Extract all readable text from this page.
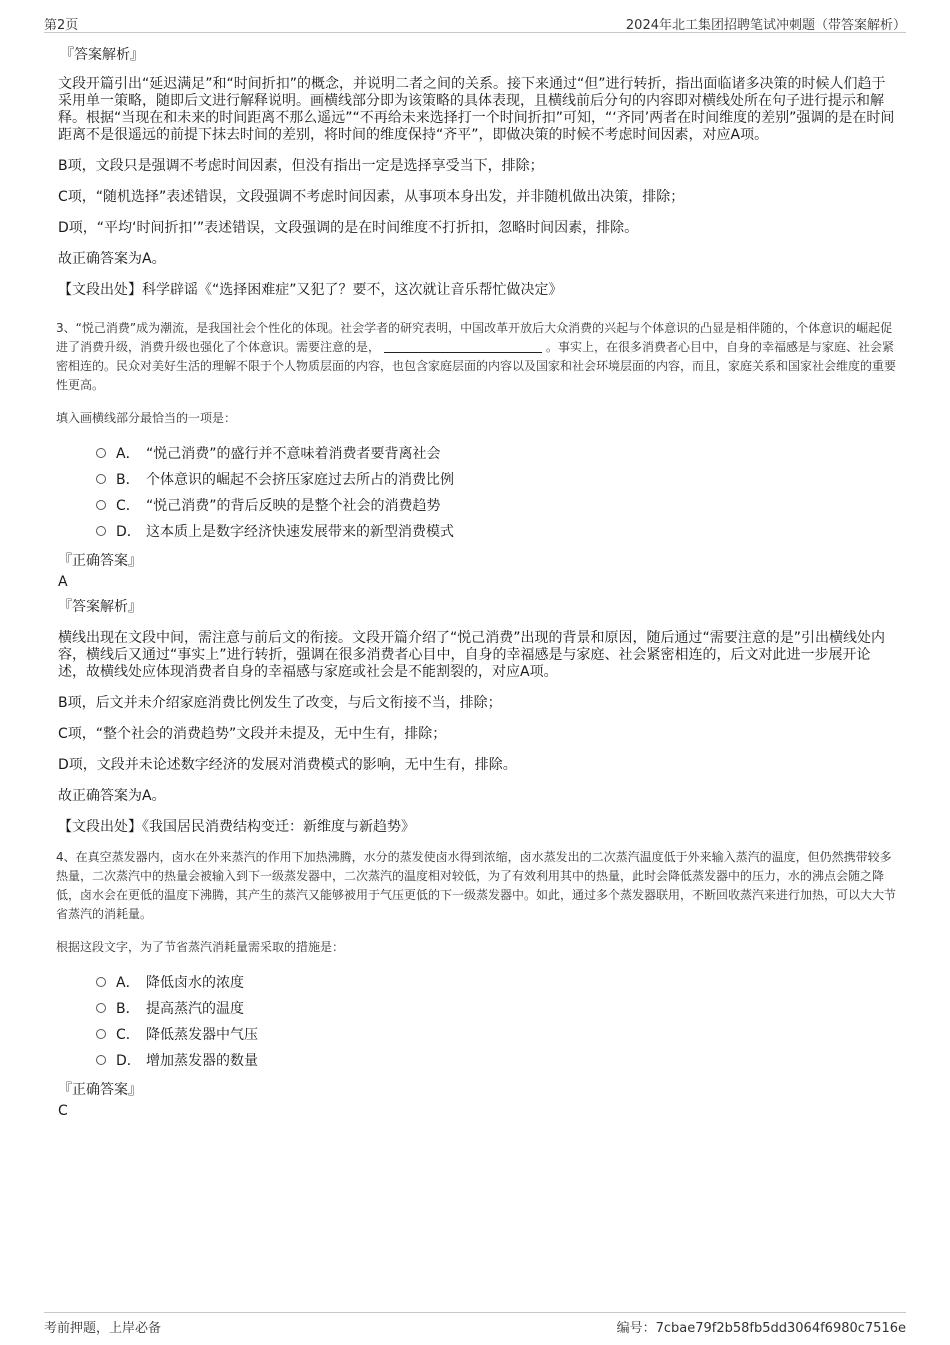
第2页	2024年北工集团招聘笔试冲刺题（带答案解析）
『答案解析』
文段开篇引出“延迟满足”和“时间折扣”的概念，并说明二者之间的关系。接下来通过“但”进行转折，指出面临诸多决策的时候人们趋于采用单一策略，随即后文进行解释说明。画横线部分即为该策略的具体表现，且横线前后分句的内容即对横线处所在句子进行提示和解释。根据“当现在和未来的时间距离不那么遥远”“不再给未来选择打一个时间折扣”可知，“‘齐同’两者在时间维度的差别”强调的是在时间距离不是很遥远的前提下抹去时间的差别，将时间的维度保持“齐平”，即做决策的时候不考虑时间因素，对应A项。
B项，文段只是强调不考虑时间因素，但没有指出一定是选择享受当下，排除；
C项，“随机选择”表述错误，文段强调不考虑时间因素，从事项本身出发，并非随机做出决策，排除；
D项，“平均‘时间折扣’”表述错误，文段强调的是在时间维度不打折扣，忽略时间因素，排除。
故正确答案为A。
【文段出处】科学辟谣《“选择困难症”又犯了？要不，这次就让音乐帮忙做决定》
3、“悦己消费”成为潮流，是我国社会个性化的体现。社会学者的研究表明，中国改革开放后大众消费的兴起与个体意识的凸显是相伴随的，个体意识的崛起促进了消费升级，消费升级也强化了个体意识。需要注意的是，	。事实上，在很多消费者心目中，自身的幸福感是与家庭、社会紧密相连的。民众对美好生活的理解不限于个人物质层面的内容，也包含家庭层面的内容以及国家和社会环境层面的内容，而且，家庭关系和国家社会维度的重要性更高。
填入画横线部分最恰当的一项是：
A． “悦己消费”的盛行并不意味着消费者要背离社会
B． 个体意识的崛起不会挤压家庭过去所占的消费比例
C． “悦己消费”的背后反映的是整个社会的消费趋势
D． 这本质上是数字经济快速发展带来的新型消费模式
『正确答案』
A
『答案解析』
横线出现在文段中间，需注意与前后文的衔接。文段开篇介绍了“悦己消费”出现的背景和原因，随后通过“需要注意的是”引出横线处内容，横线后又通过“事实上”进行转折，强调在很多消费者心目中，自身的幸福感是与家庭、社会紧密相连的，后文对此进一步展开论述，故横线处应体现消费者自身的幸福感与家庭或社会是不能割裂的，对应A项。
B项，后文并未介绍家庭消费比例发生了改变，与后文衔接不当，排除；
C项，“整个社会的消费趋势”文段并未提及，无中生有，排除；
D项，文段并未论述数字经济的发展对消费模式的影响，无中生有，排除。
故正确答案为A。
【文段出处】《我国居民消费结构变迁：新维度与新趋势》
4、在真空蒸发器内，卤水在外来蒸汽的作用下加热沸腾，水分的蒸发使卤水得到浓缩，卤水蒸发出的二次蒸汽温度低于外来输入蒸汽的温度，但仍然携带较多热量，二次蒸汽中的热量会被输入到下一级蒸发器中，二次蒸汽的温度相对较低，为了有效利用其中的热量，此时会降低蒸发器中的压力，水的沸点会随之降低，卤水会在更低的温度下沸腾，其产生的蒸汽又能够被用于气压更低的下一级蒸发器中。如此，通过多个蒸发器联用，不断回收蒸汽来进行加热，可以大大节省蒸汽的消耗量。
根据这段文字，为了节省蒸汽消耗量需采取的措施是：
A． 降低卤水的浓度
B． 提高蒸汽的温度
C． 降低蒸发器中气压
D． 增加蒸发器的数量
『正确答案』
C
考前押题，上岸必备	编号：7cbae79f2b58fb5dd3064f6980c7516e
